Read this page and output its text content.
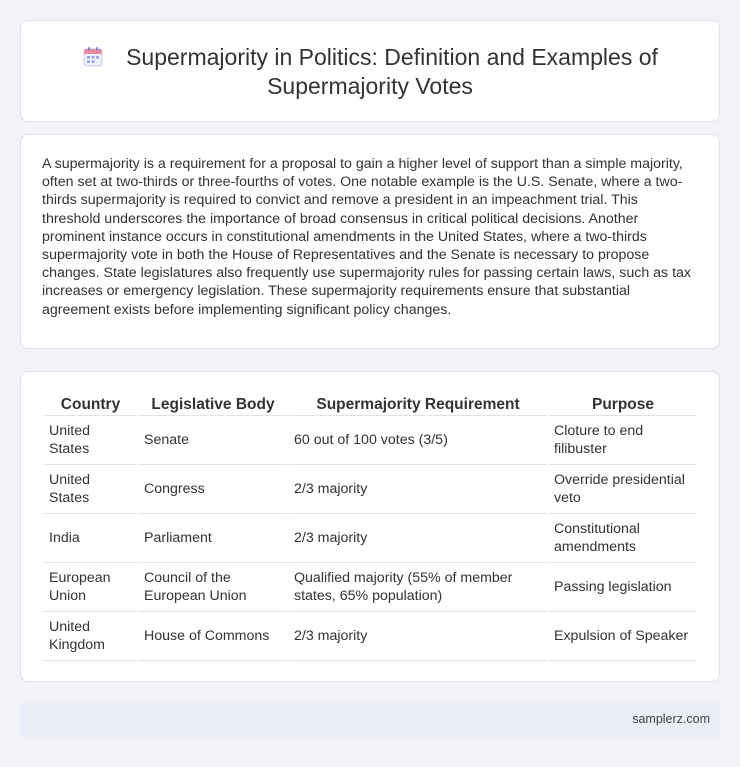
Supermajority in Politics: Definition and Examples of Supermajority Votes

A supermajority is a requirement for a proposal to gain a higher level of support than a simple majority, often set at two-thirds or three-fourths of votes. One notable example is the U.S. Senate, where a two-thirds supermajority is required to convict and remove a president in an impeachment trial. This threshold underscores the importance of broad consensus in critical political decisions. Another prominent instance occurs in constitutional amendments in the United States, where a two-thirds supermajority vote in both the House of Representatives and the Senate is necessary to propose changes. State legislatures also frequently use supermajority rules for passing certain laws, such as tax increases or emergency legislation. These supermajority requirements ensure that substantial agreement exists before implementing significant policy changes.

Country	Legislative Body	Supermajority Requirement	Purpose
United States	Senate	60 out of 100 votes (3/5)	Cloture to end filibuster
United States	Congress	2/3 majority	Override presidential veto
India	Parliament	2/3 majority	Constitutional amendments
European Union	Council of the European Union	Qualified majority (55% of member states, 65% population)	Passing legislation
United Kingdom	House of Commons	2/3 majority	Expulsion of Speaker
samplerz.com
